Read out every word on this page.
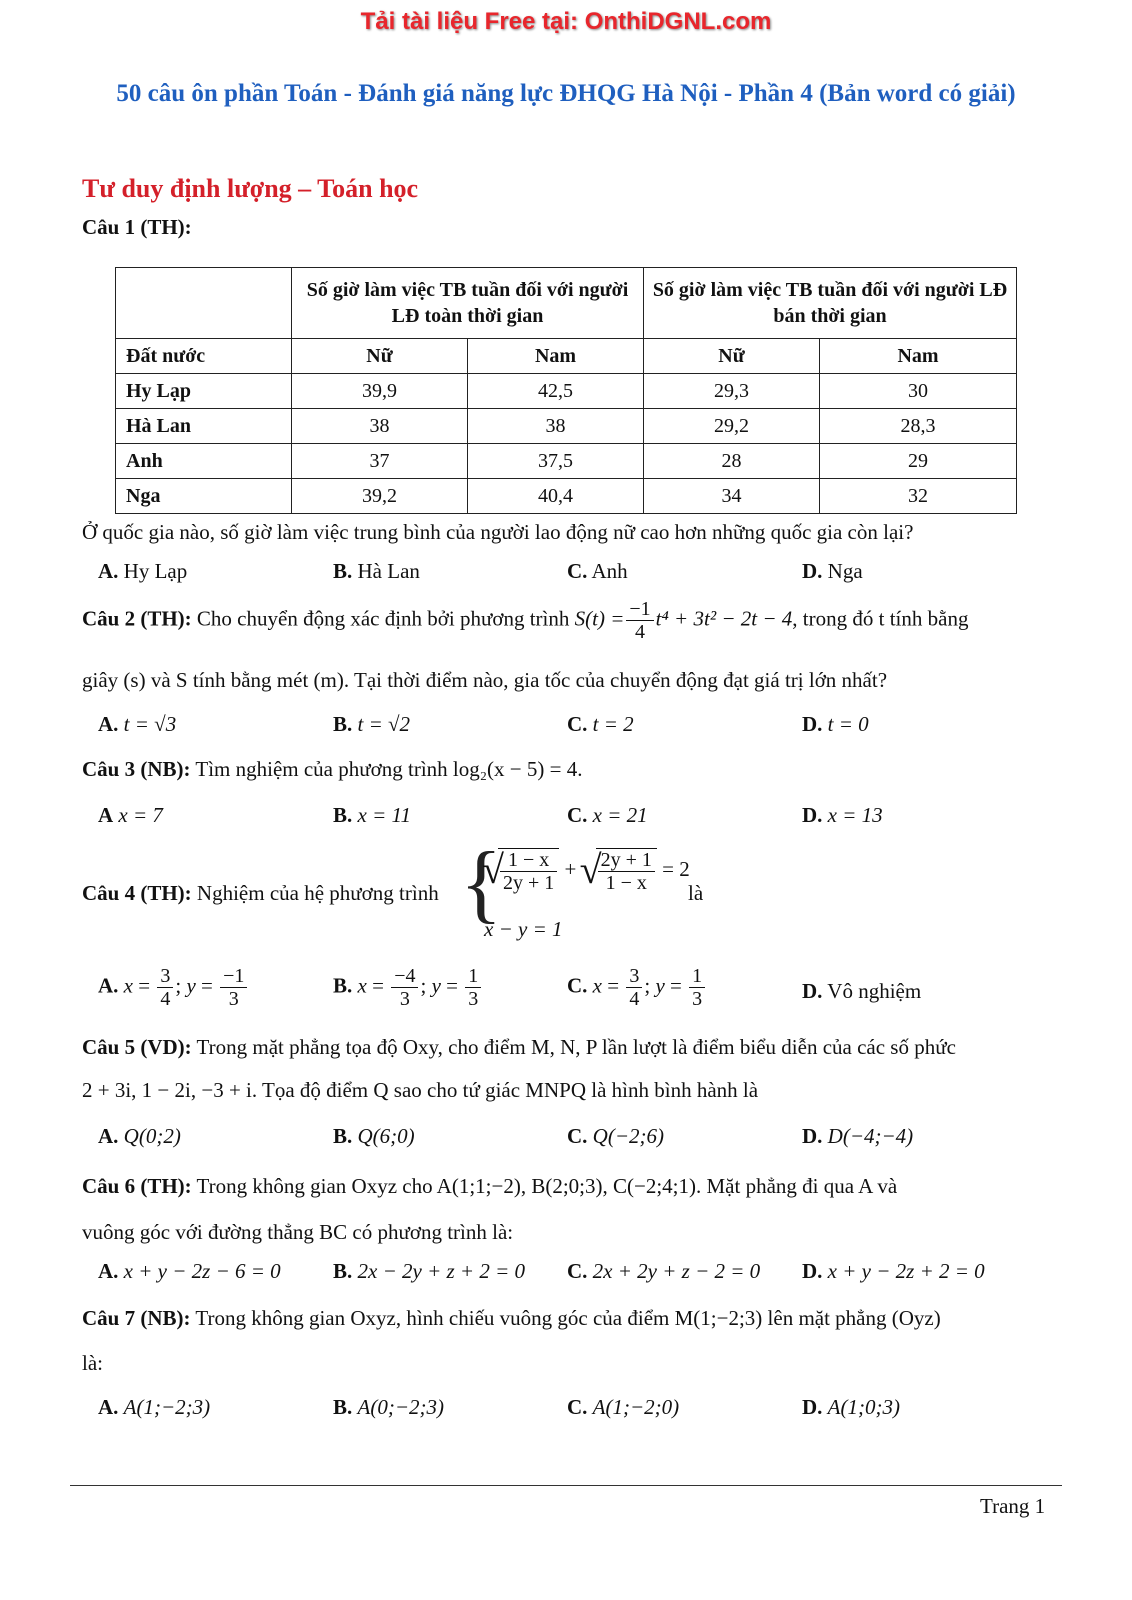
Tải tài liệu Free tại: OnthiDGNL.com
50 câu ôn phần Toán - Đánh giá năng lực ĐHQG Hà Nội - Phần 4 (Bản word có giải)
Tư duy định lượng – Toán học
Câu 1 (TH):
	Số giờ làm việc TB tuần đối với người LĐ toàn thời gian		Số giờ làm việc TB tuần đối với người LĐ bán thời gian	
Đất nước	Nữ	Nam	Nữ	Nam
Hy Lạp	39,9	42,5	29,3	30
Hà Lan	38	38	29,2	28,3
Anh	37	37,5	28	29
Nga	39,2	40,4	34	32
Ở quốc gia nào, số giờ làm việc trung bình của người lao động nữ cao hơn những quốc gia còn lại?
A. Hy Lạp	B. Hà Lan	C. Anh	D. Nga
Câu 2 (TH): Cho chuyển động xác định bởi phương trình $S(t) = \frac{-1}{4} t^4 + 3t^2 - 2t - 4$, trong đó t tính bằng
giây (s) và S tính bằng mét (m). Tại thời điểm nào, gia tốc của chuyển động đạt giá trị lớn nhất?
A. t = √3	B. t = √2	C. t = 2	D. t = 0
Câu 3 (NB): Tìm nghiệm của phương trình log₂(x − 5) = 4.
A x = 7	B. x = 11	C. x = 21	D. x = 13
Câu 4 (TH): Nghiệm của hệ phương trình {
√ $\frac{1 - x}{2y + 1}$ + √ $\frac{2y + 1}{1 - x} = 2$
x − y = 1
là
A. $x = \frac{3}{4}$ ; $y = \frac{-1}{3}$	B. $x = \frac{-4}{3}$ ; $y = \frac{1}{3}$	C. $x = \frac{3}{4}$ ; $y = \frac{1}{3}$	D. Vô nghiệm
Câu 5 (VD): Trong mặt phẳng tọa độ Oxy, cho điểm M, N, P lần lượt là điểm biểu diễn của các số phức
2 + 3i, 1 − 2i, −3 + i. Tọa độ điểm Q sao cho tứ giác MNPQ là hình bình hành là
A. Q(0;2)	B. Q(6;0)	C. Q(−2;6)	D. D(−4;−4)
Câu 6 (TH): Trong không gian Oxyz cho A(1;1;−2), B(2;0;3), C(−2;4;1). Mặt phẳng đi qua A và
vuông góc với đường thẳng BC có phương trình là:
A. x + y − 2z − 6 = 0 B. 2x − 2y + z + 2 = 0 C. 2x + 2y + z − 2 = 0 D. x + y − 2z + 2 = 0
Câu 7 (NB): Trong không gian Oxyz, hình chiếu vuông góc của điểm M(1;−2;3) lên mặt phẳng (Oyz)
là:
A. A(1;−2;3)	B. A(0;−2;3)	C. A(1;−2;0)	D. A(1;0;3)
Trang 1
